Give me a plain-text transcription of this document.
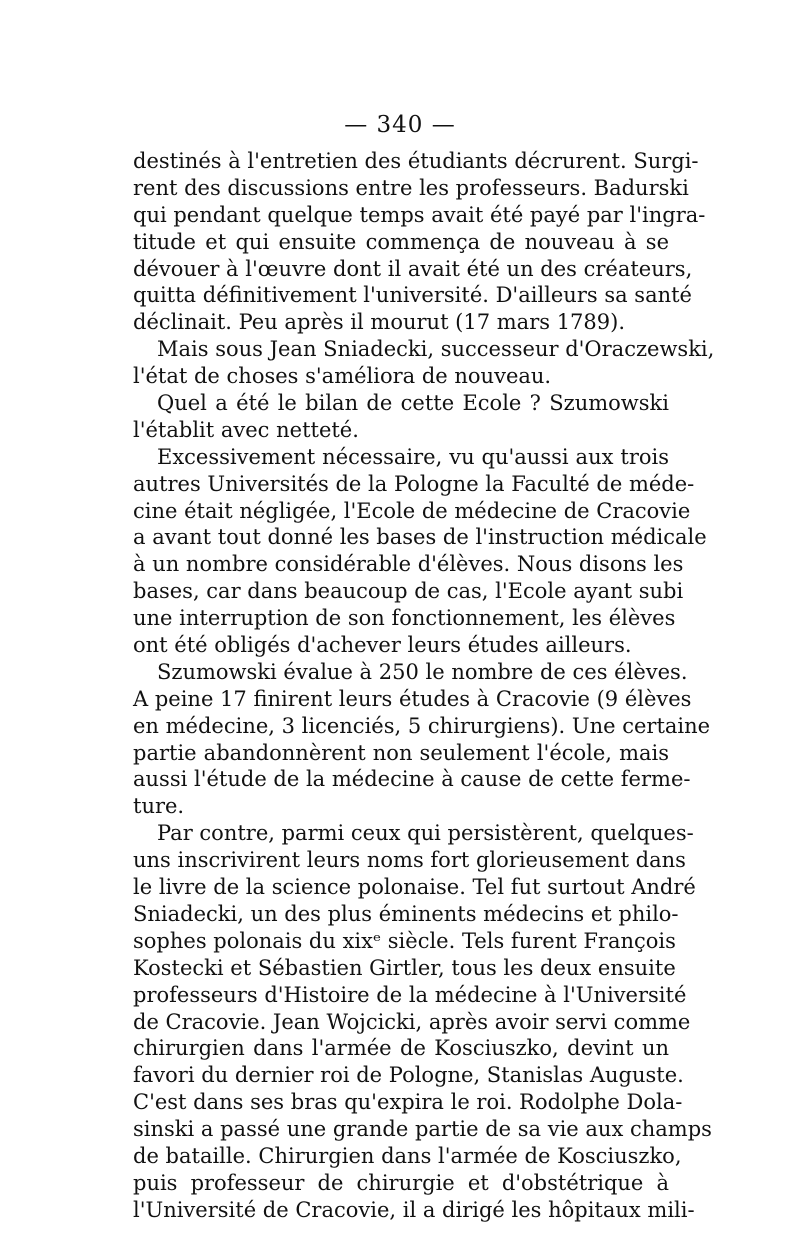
— 340 —
destinés à l'entretien des étudiants décrurent. Surgi-
rent des discussions entre les professeurs. Badurski
qui pendant quelque temps avait été payé par l'ingra-
titude et qui ensuite commença de nouveau à se
dévouer à l'œuvre dont il avait été un des créateurs,
quitta définitivement l'université. D'ailleurs sa santé
déclinait. Peu après il mourut (17 mars 1789).
Mais sous Jean Sniadecki, successeur d'Oraczewski,
l'état de choses s'améliora de nouveau.
Quel a été le bilan de cette Ecole ? Szumowski
l'établit avec netteté.
Excessivement nécessaire, vu qu'aussi aux trois
autres Universités de la Pologne la Faculté de méde-
cine était négligée, l'Ecole de médecine de Cracovie
a avant tout donné les bases de l'instruction médicale
à un nombre considérable d'élèves. Nous disons les
bases, car dans beaucoup de cas, l'Ecole ayant subi
une interruption de son fonctionnement, les élèves
ont été obligés d'achever leurs études ailleurs.
Szumowski évalue à 250 le nombre de ces élèves.
A peine 17 finirent leurs études à Cracovie (9 élèves
en médecine, 3 licenciés, 5 chirurgiens). Une certaine
partie abandonnèrent non seulement l'école, mais
aussi l'étude de la médecine à cause de cette ferme-
ture.
Par contre, parmi ceux qui persistèrent, quelques-
uns inscrivirent leurs noms fort glorieusement dans
le livre de la science polonaise. Tel fut surtout André
Sniadecki, un des plus éminents médecins et philo-
sophes polonais du xixᵉ siècle. Tels furent François
Kostecki et Sébastien Girtler, tous les deux ensuite
professeurs d'Histoire de la médecine à l'Université
de Cracovie. Jean Wojcicki, après avoir servi comme
chirurgien dans l'armée de Kosciuszko, devint un
favori du dernier roi de Pologne, Stanislas Auguste.
C'est dans ses bras qu'expira le roi. Rodolphe Dola-
sinski a passé une grande partie de sa vie aux champs
de bataille. Chirurgien dans l'armée de Kosciuszko,
puis professeur de chirurgie et d'obstétrique à
l'Université de Cracovie, il a dirigé les hôpitaux mili-
